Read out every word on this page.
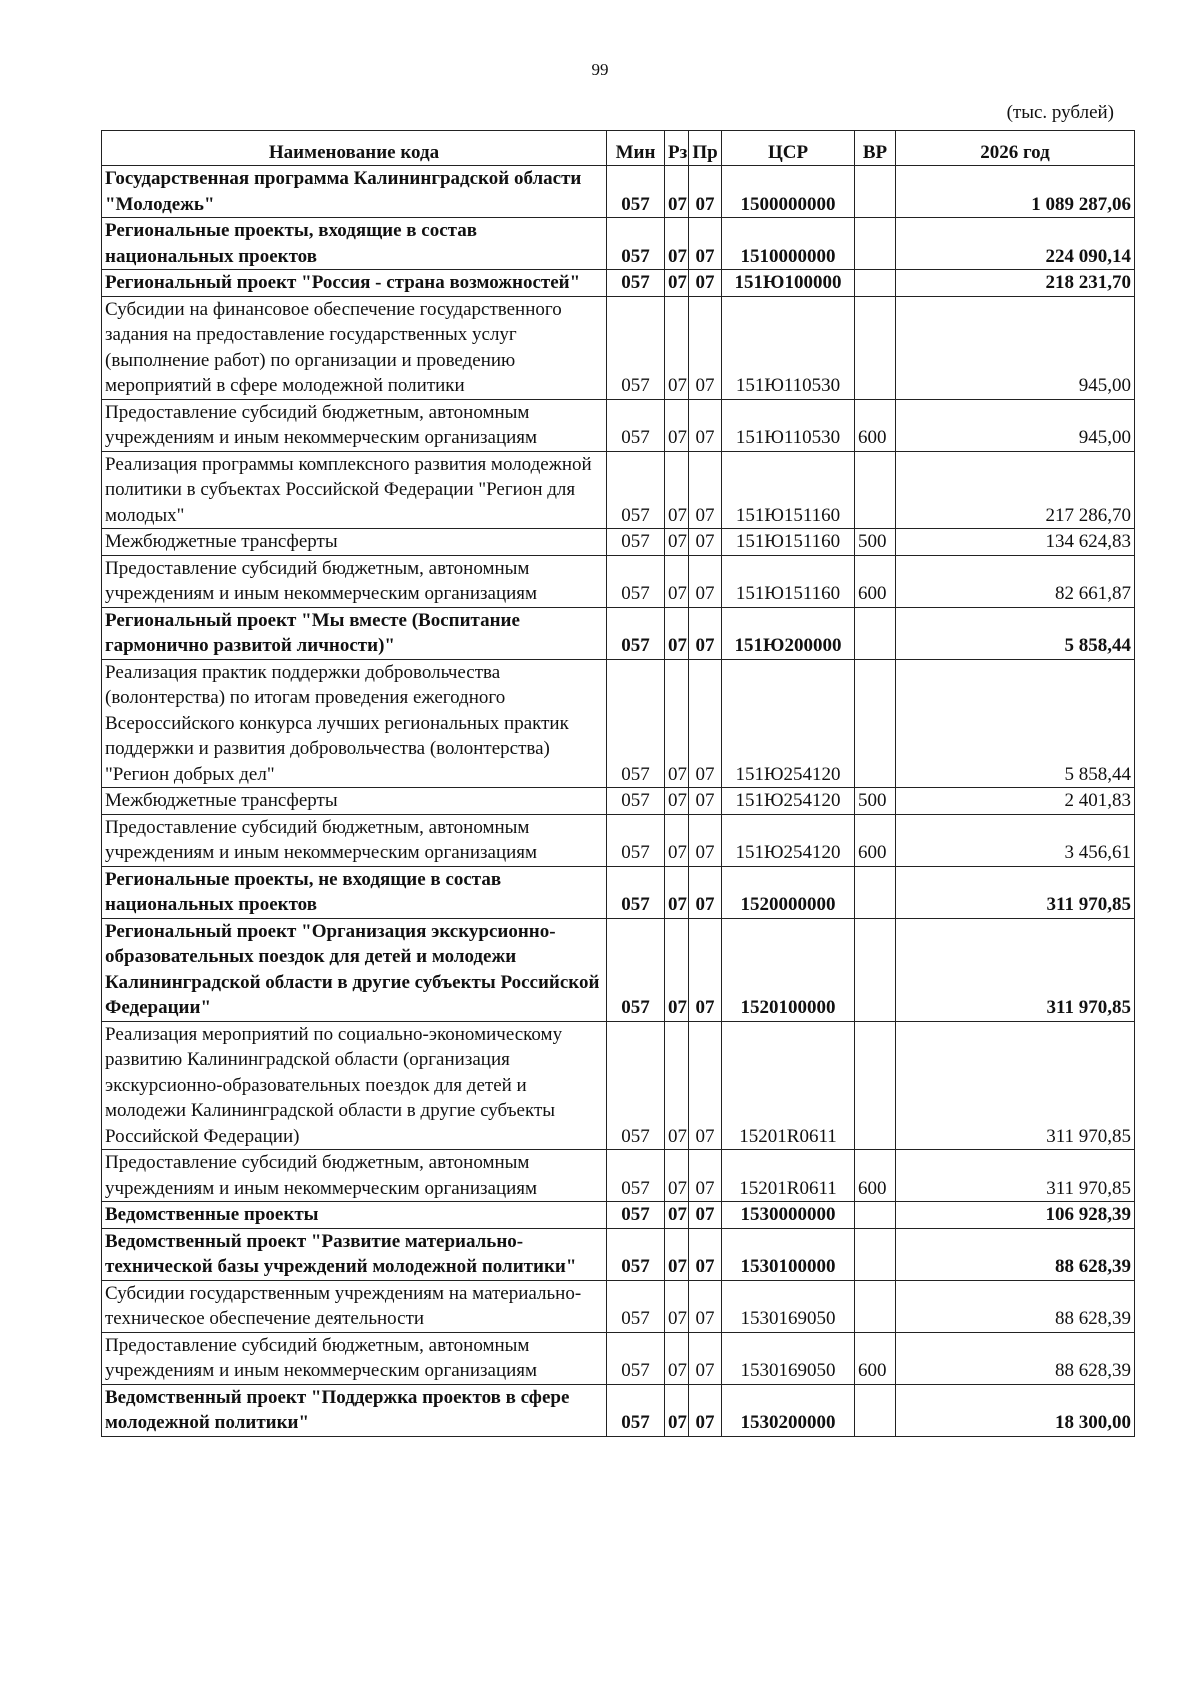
99
(тыс. рублей)
Наименование кода	Мин	Рз	Пр	ЦСР	ВР	2026 год
Государственная программа Калининградской области "Молодежь"	057	07	07	1500000000		1 089 287,06
Региональные проекты, входящие в состав национальных проектов	057	07	07	1510000000		224 090,14
Региональный проект "Россия - страна возможностей"	057	07	07	151Ю100000		218 231,70
Субсидии на финансовое обеспечение государственного задания на предоставление государственных услуг (выполнение работ) по организации и проведению мероприятий в сфере молодежной политики	057	07	07	151Ю110530		945,00
Предоставление субсидий бюджетным, автономным учреждениям и иным некоммерческим организациям	057	07	07	151Ю110530	600	945,00
Реализация программы комплексного развития молодежной политики в субъектах Российской Федерации "Регион для молодых"	057	07	07	151Ю151160		217 286,70
Межбюджетные трансферты	057	07	07	151Ю151160	500	134 624,83
Предоставление субсидий бюджетным, автономным учреждениям и иным некоммерческим организациям	057	07	07	151Ю151160	600	82 661,87
Региональный проект "Мы вместе (Воспитание гармонично развитой личности)"	057	07	07	151Ю200000		5 858,44
Реализация практик поддержки добровольчества (волонтерства) по итогам проведения ежегодного Всероссийского конкурса лучших региональных практик поддержки и развития добровольчества (волонтерства) "Регион добрых дел"	057	07	07	151Ю254120		5 858,44
Межбюджетные трансферты	057	07	07	151Ю254120	500	2 401,83
Предоставление субсидий бюджетным, автономным учреждениям и иным некоммерческим организациям	057	07	07	151Ю254120	600	3 456,61
Региональные проекты, не входящие в состав национальных проектов	057	07	07	1520000000		311 970,85
Региональный проект "Организация экскурсионно-образовательных поездок для детей и молодежи Калининградской области в другие субъекты Российской Федерации"	057	07	07	1520100000		311 970,85
Реализация мероприятий по социально-экономическому развитию Калининградской области (организация экскурсионно-образовательных поездок для детей и молодежи Калининградской области в другие субъекты Российской Федерации)	057	07	07	15201R0611		311 970,85
Предоставление субсидий бюджетным, автономным учреждениям и иным некоммерческим организациям	057	07	07	15201R0611	600	311 970,85
Ведомственные проекты	057	07	07	1530000000		106 928,39
Ведомственный проект "Развитие материально-технической базы учреждений молодежной политики"	057	07	07	1530100000		88 628,39
Субсидии государственным учреждениям на материально-техническое обеспечение деятельности	057	07	07	1530169050		88 628,39
Предоставление субсидий бюджетным, автономным учреждениям и иным некоммерческим организациям	057	07	07	1530169050	600	88 628,39
Ведомственный проект "Поддержка проектов в сфере молодежной политики"	057	07	07	1530200000		18 300,00
